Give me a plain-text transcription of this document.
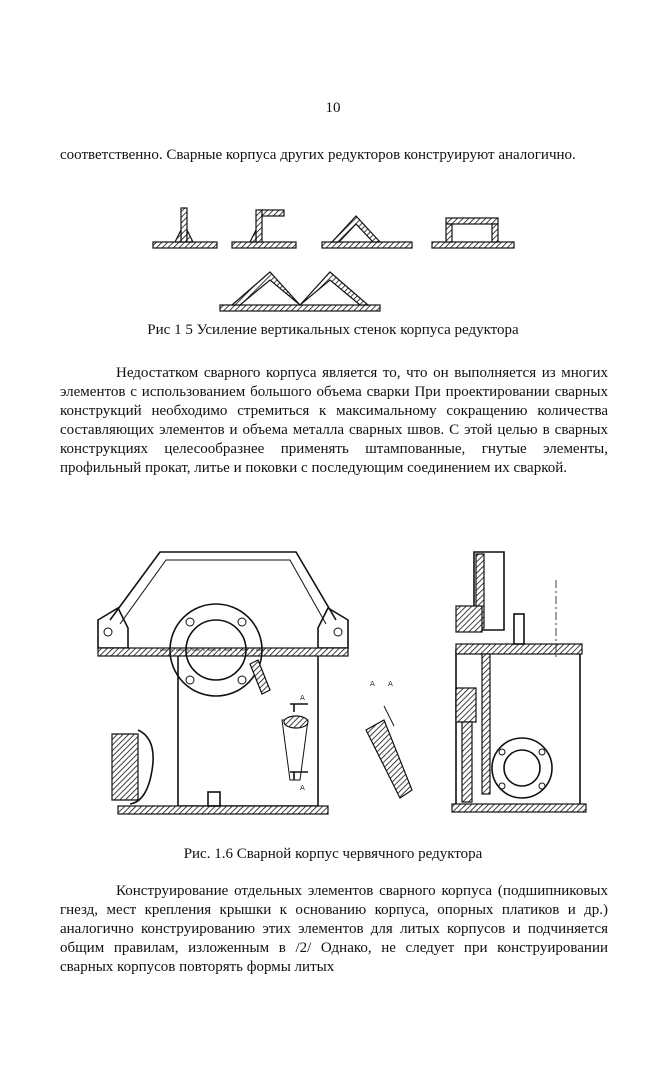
10

соответственно. Сварные корпуса других редукторов конструируют аналогично.

Рис 1 5 Усиление вертикальных стенок корпуса редуктора

Недостатком сварного корпуса является то, что он выполняется из многих элементов с использованием большого объема сварки При проектировании сварных конструкций необходимо стремиться к максимальному сокращению количества составляющих элементов и объема металла сварных швов. С этой целью в сварных конструкциях целесообразнее применять штампованные, гнутые элементы, профильный прокат, литье и поковки с последующим соединением их сваркой.

А
А
А А
Рис. 1.6 Сварной корпус червячного редуктора

Конструирование отдельных элементов сварного корпуса (подшипниковых гнезд, мест крепления крышки к основанию корпуса, опорных платиков и др.) аналогично конструированию этих элементов для литых корпусов и подчиняется общим правилам, изложенным в /2/ Однако, не следует при конструировании сварных корпусов повторять формы литых
